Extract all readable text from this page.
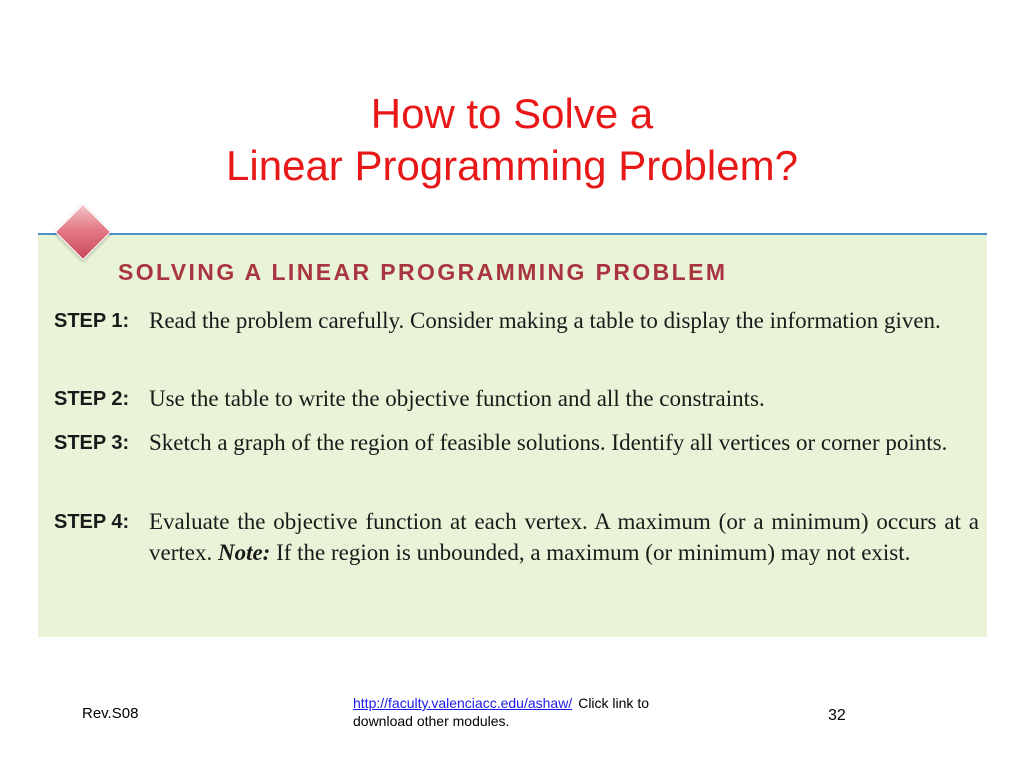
How to Solve a
Linear Programming Problem?
SOLVING A LINEAR PROGRAMMING PROBLEM
STEP 1: Read the problem carefully. Consider making a table to display the information given.
STEP 2: Use the table to write the objective function and all the constraints.
STEP 3: Sketch a graph of the region of feasible solutions. Identify all vertices or corner points.
STEP 4: Evaluate the objective function at each vertex. A maximum (or a minimum) occurs at a vertex. Note: If the region is unbounded, a maximum (or minimum) may not exist.
Rev.S08
http://faculty.valenciacc.edu/ashaw/ Click link to download other modules.	32
